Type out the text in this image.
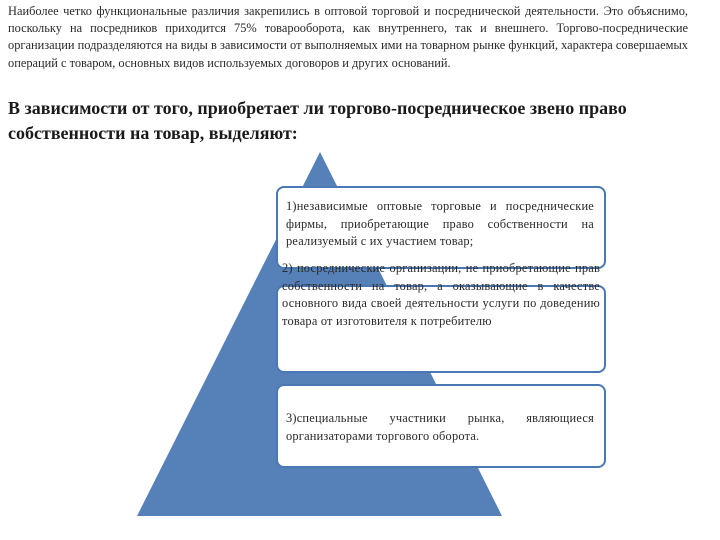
Наиболее четко функциональные различия закрепились в оптовой торговой и посреднической деятельности. Это объяснимо, поскольку на посредников приходится 75% товарооборота, как внутреннего, так и внешнего. Торгово-посреднические организации подразделяются на виды в зависимости от выполняемых ими на товарном рынке функций, характера совершаемых операций с товаром, основных видов используемых договоров и других оснований.
В зависимости от того, приобретает ли торгово-посредническое звено право собственности на товар, выделяют:
1)независимые оптовые торговые и посреднические фирмы, приобретающие право собственности на реализуемый с их участием товар;
2) посреднические организации, не приобретающие прав собственности на товар, а оказывающие в качестве основного вида своей деятельности услуги по доведению товара от изготовителя к потребителю
3)специальные участники рынка, являющиеся организаторами торгового оборота.
